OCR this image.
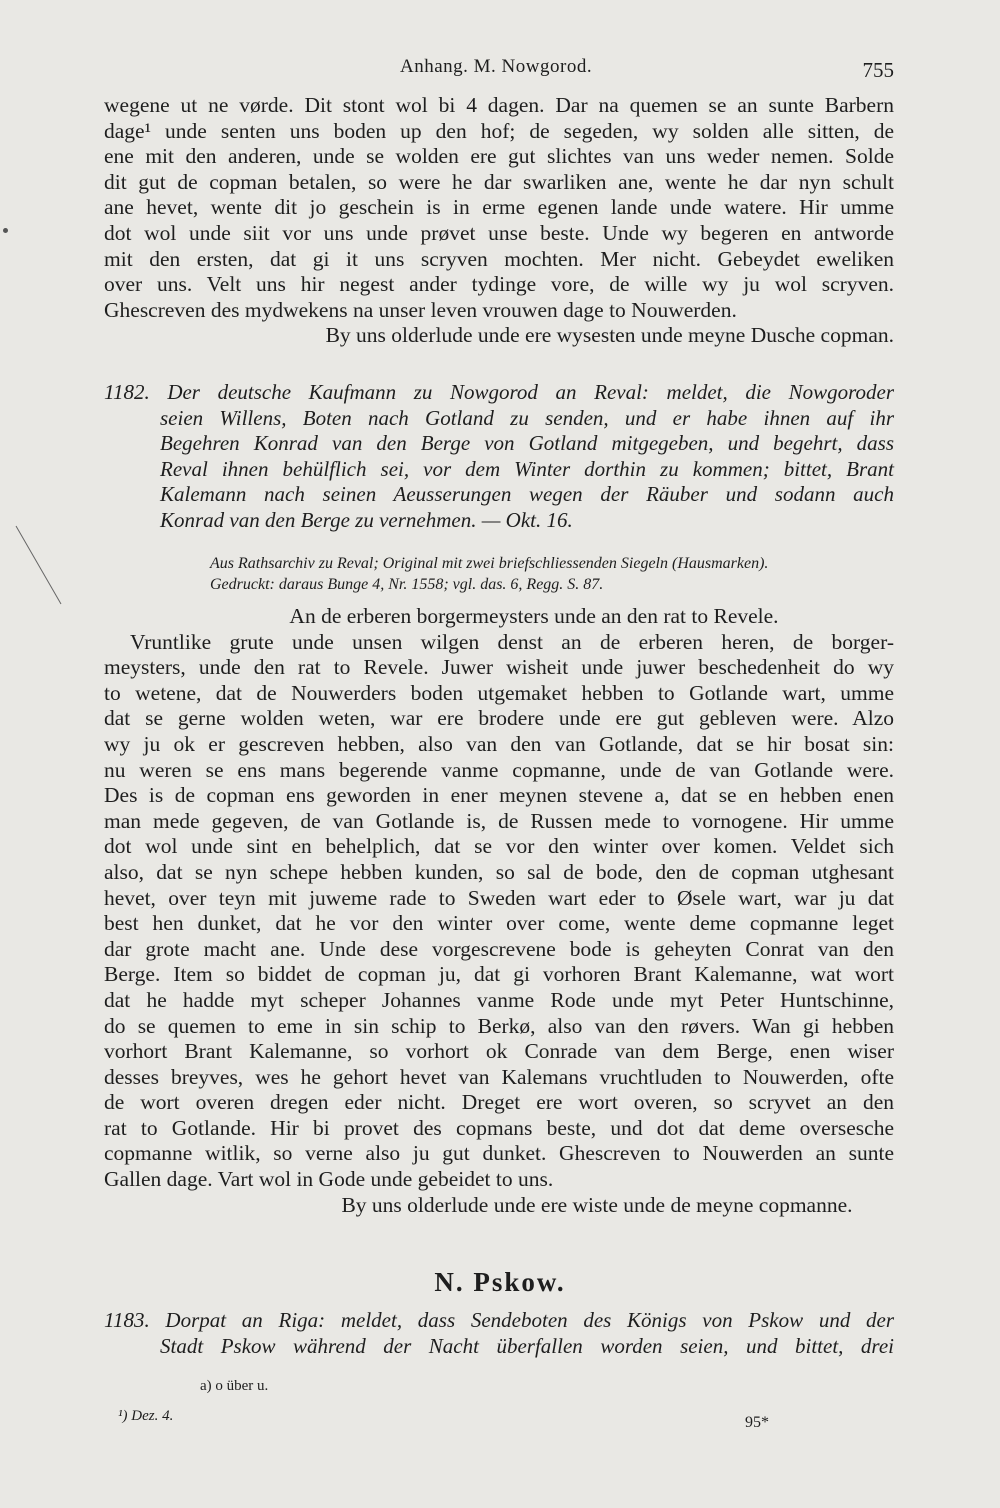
Anhang. M. Nowgorod.	755
wegene ut ne vørde. Dit stont wol bi 4 dagen. Dar na quemen se an sunte Barbern
dage¹ unde senten uns boden up den hof; de segeden, wy solden alle sitten, de
ene mit den anderen, unde se wolden ere gut slichtes van uns weder nemen. Solde
dit gut de copman betalen, so were he dar swarliken ane, wente he dar nyn schult
ane hevet, wente dit jo geschein is in erme egenen lande unde watere. Hir umme
dot wol unde siit vor uns unde prøvet unse beste. Unde wy begeren en antworde
mit den ersten, dat gi it uns scryven mochten. Mer nicht. Gebeydet eweliken
over uns. Velt uns hir negest ander tydinge vore, de wille wy ju wol scryven.
Ghescreven des mydwekens na unser leven vrouwen dage to Nouwerden.
By uns olderlude unde ere wysesten unde meyne Dusche copman.
1182. Der deutsche Kaufmann zu Nowgorod an Reval: meldet, die Nowgoroder
seien Willens, Boten nach Gotland zu senden, und er habe ihnen auf ihr
Begehren Konrad van den Berge von Gotland mitgegeben, und begehrt, dass
Reval ihnen behülflich sei, vor dem Winter dorthin zu kommen; bittet, Brant
Kalemann nach seinen Aeusserungen wegen der Räuber und sodann auch
Konrad van den Berge zu vernehmen. — Okt. 16.
Aus Rathsarchiv zu Reval; Original mit zwei briefschliessenden Siegeln (Hausmarken).
Gedruckt: daraus Bunge 4, Nr. 1558; vgl. das. 6, Regg. S. 87.
An de erberen borgermeysters unde an den rat to Revele.
Vruntlike grute unde unsen wilgen denst an de erberen heren, de borger-
meysters, unde den rat to Revele. Juwer wisheit unde juwer beschedenheit do wy
to wetene, dat de Nouwerders boden utgemaket hebben to Gotlande wart, umme
dat se gerne wolden weten, war ere brodere unde ere gut gebleven were. Alzo
wy ju ok er gescreven hebben, also van den van Gotlande, dat se hir bosat sin:
nu weren se ens mans begerende vanme copmanne, unde de van Gotlande were.
Des is de copman ens geworden in ener meynen stevene a, dat se en hebben enen
man mede gegeven, de van Gotlande is, de Russen mede to vornogene. Hir umme
dot wol unde sint en behelplich, dat se vor den winter over komen. Veldet sich
also, dat se nyn schepe hebben kunden, so sal de bode, den de copman utghesant
hevet, over teyn mit juweme rade to Sweden wart eder to Øsele wart, war ju dat
best hen dunket, dat he vor den winter over come, wente deme copmanne leget
dar grote macht ane. Unde dese vorgescrevene bode is geheyten Conrat van den
Berge. Item so biddet de copman ju, dat gi vorhoren Brant Kalemanne, wat wort
dat he hadde myt scheper Johannes vanme Rode unde myt Peter Huntschinne,
do se quemen to eme in sin schip to Berkø, also van den røvers. Wan gi hebben
vorhort Brant Kalemanne, so vorhort ok Conrade van dem Berge, enen wiser
desses breyves, wes he gehort hevet van Kalemans vruchtluden to Nouwerden, ofte
de wort overen dregen eder nicht. Dreget ere wort overen, so scryvet an den
rat to Gotlande. Hir bi provet des copmans beste, und dot dat deme oversesche
copmanne witlik, so verne also ju gut dunket. Ghescreven to Nouwerden an sunte
Gallen dage. Vart wol in Gode unde gebeidet to uns.
By uns olderlude unde ere wiste unde de meyne copmanne.
N. Pskow.
1183. Dorpat an Riga: meldet, dass Sendeboten des Königs von Pskow und der
Stadt Pskow während der Nacht überfallen worden seien, und bittet, drei
a) o über u.
¹) Dez. 4.	95*
